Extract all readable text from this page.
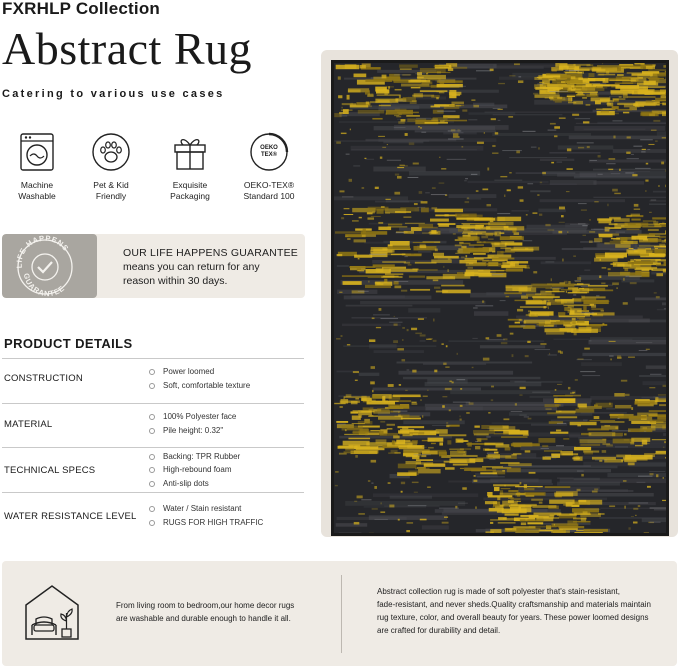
FXRHLP Collection
Abstract Rug
Catering to various use cases
Machine
Washable
Pet & Kid
Friendly
Exquisite
Packaging
OEKO TEX®
OEKO-TEX®
Standard 100
LIFE HAPPENS
GUARANTEE
OUR LIFE HAPPENS GUARANTEE
means you can return for any
reason within 30 days.
PRODUCT DETAILS
CONSTRUCTION
Power loomed
Soft, comfortable texture
MATERIAL
100% Polyester face
Pile height: 0.32"
TECHNICAL SPECS
Backing: TPR Rubber
High-rebound foam
Anti-slip dots
WATER RESISTANCE LEVEL
Water / Stain resistant
RUGS FOR HIGH TRAFFIC
From living room to bedroom,our home decor rugs
are washable and durable enough to handle it all.
Abstract collection rug is made of soft polyester that's stain-resistant,
fade-resistant, and never sheds.Quality craftsmanship and materials maintain
rug texture, color, and overall beauty for years. These power loomed designs
are crafted for durability and detail.
